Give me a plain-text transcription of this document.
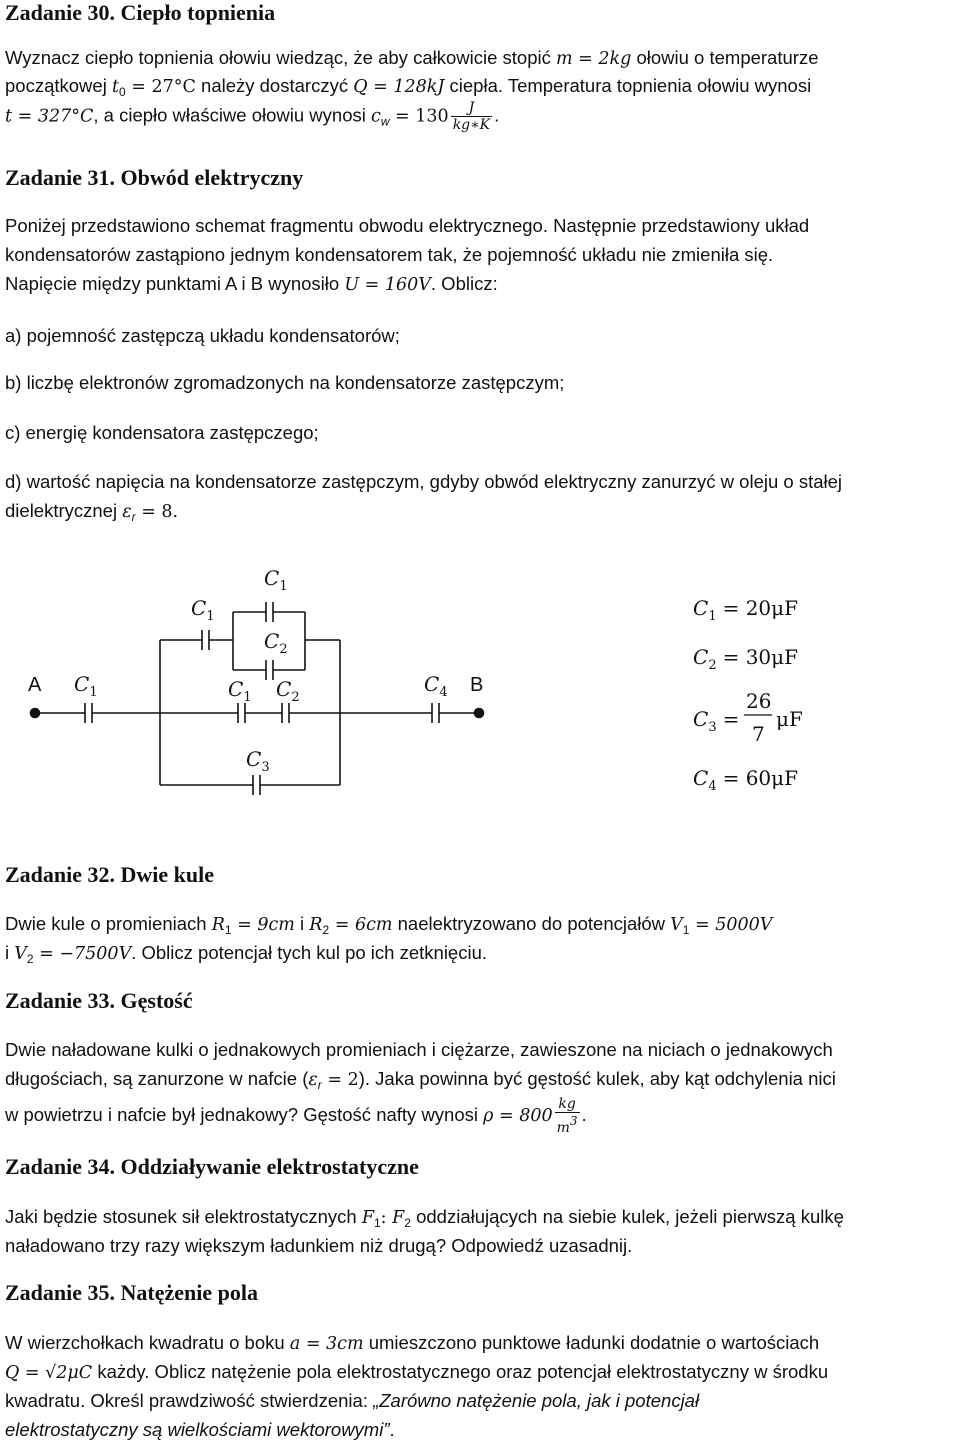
Zadanie 30. Ciepło topnienia
Wyznacz ciepło topnienia ołowiu wiedząc, że aby całkowicie stopić m = 2kg ołowiu o temperaturze
początkowej $t_0 = 27^\circ C$ należy dostarczyć Q = 128kJ ciepła. Temperatura topnienia ołowiu wynosi
t = 327°C, a ciepło właściwe ołowiu wynosi $c_w = 130 \frac{J}{kg∗K}$ .
Zadanie 31. Obwód elektryczny
Poniżej przedstawiono schemat fragmentu obwodu elektrycznego. Następnie przedstawiony układ
kondensatorów zastąpiono jednym kondensatorem tak, że pojemność układu nie zmieniła się.
Napięcie między punktami A i B wynosiło U = 160V. Oblicz:
a) pojemność zastępczą układu kondensatorów;
b) liczbę elektronów zgromadzonych na kondensatorze zastępczym;
c) energię kondensatora zastępczego;
d) wartość napięcia na kondensatorze zastępczym, gdyby obwód elektryczny zanurzyć w oleju o stałej
dielektrycznej $\varepsilon_r = 8$.
A	B
$C_1$
$C_1$
$C_1$
$C_2$
$C_1$ $C_2$
$C_3$
$C_4$
$C_1 = 20\mu F$
$C_2 = 30\mu F$
$C_3$ =
26
7
μF
$C_4 = 60\mu F$
Zadanie 32. Dwie kule
Dwie kule o promieniach $R_1 = 9cm$ i $R_2 = 6cm$ naelektryzowano do potencjałów $V_1 = 5000V$
i $V_2 = -7500V$. Oblicz potencjał tych kul po ich zetknięciu.
Zadanie 33. Gęstość
Dwie naładowane kulki o jednakowych promieniach i ciężarze, zawieszone na niciach o jednakowych
długościach, są zanurzone w nafcie $(\varepsilon_r = 2)$. Jaka powinna być gęstość kulek, aby kąt odchylenia nici
w powietrzu i nafcie był jednakowy? Gęstość nafty wynosi $\rho = 800 \frac{kg}{m3}$ .
Zadanie 34. Oddziaływanie elektrostatyczne
Jaki będzie stosunek sił elektrostatycznych $F_1$: $F_2$ oddziałujących na siebie kulek, jeżeli pierwszą kulkę
naładowano trzy razy większym ładunkiem niż drugą? Odpowiedź uzasadnij.
Zadanie 35. Natężenie pola
W wierzchołkach kwadratu o boku a = 3cm umieszczono punktowe ładunki dodatnie o wartościach
Q = √2μC każdy. Oblicz natężenie pola elektrostatycznego oraz potencjał elektrostatyczny w środku
kwadratu. Określ prawdziwość stwierdzenia: „Zarówno natężenie pola, jak i potencjał
elektrostatyczny są wielkościami wektorowymi”.
